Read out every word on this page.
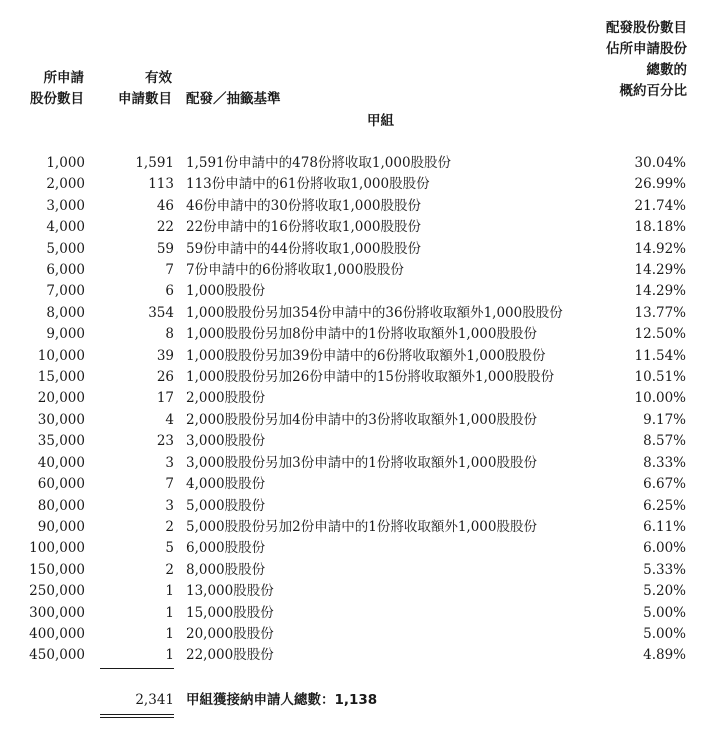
所申請
股份數目
有效
申請數目 配發／抽籤基準
甲組
配發股份數目
佔所申請股份
總數的
概約百分比
1,000	1,591 1,591份申請中的478份將收取1,000股股份	30.04%
2,000	113 113份申請中的61份將收取1,000股股份	26.99%
3,000	46 46份申請中的30份將收取1,000股股份	21.74%
4,000	22 22份申請中的16份將收取1,000股股份	18.18%
5,000	59 59份申請中的44份將收取1,000股股份	14.92%
6,000	7 7份申請中的6份將收取1,000股股份	14.29%
7,000	6 1,000股股份	14.29%
8,000	354 1,000股股份另加354份申請中的36份將收取額外1,000股股份	13.77%
9,000	8 1,000股股份另加8份申請中的1份將收取額外1,000股股份	12.50%
10,000	39 1,000股股份另加39份申請中的6份將收取額外1,000股股份	11.54%
15,000	26 1,000股股份另加26份申請中的15份將收取額外1,000股股份	10.51%
20,000	17 2,000股股份	10.00%
30,000	4 2,000股股份另加4份申請中的3份將收取額外1,000股股份	9.17%
35,000	23 3,000股股份	8.57%
40,000	3 3,000股股份另加3份申請中的1份將收取額外1,000股股份	8.33%
60,000	7 4,000股股份	6.67%
80,000	3 5,000股股份	6.25%
90,000	2 5,000股股份另加2份申請中的1份將收取額外1,000股股份	6.11%
100,000	5 6,000股股份	6.00%
150,000	2 8,000股股份	5.33%
250,000	1 13,000股股份	5.20%
300,000	1 15,000股股份	5.00%
400,000	1 20,000股股份	5.00%
450,000	1 22,000股股份	4.89%
2,341 甲組獲接納申請人總數：1,138
